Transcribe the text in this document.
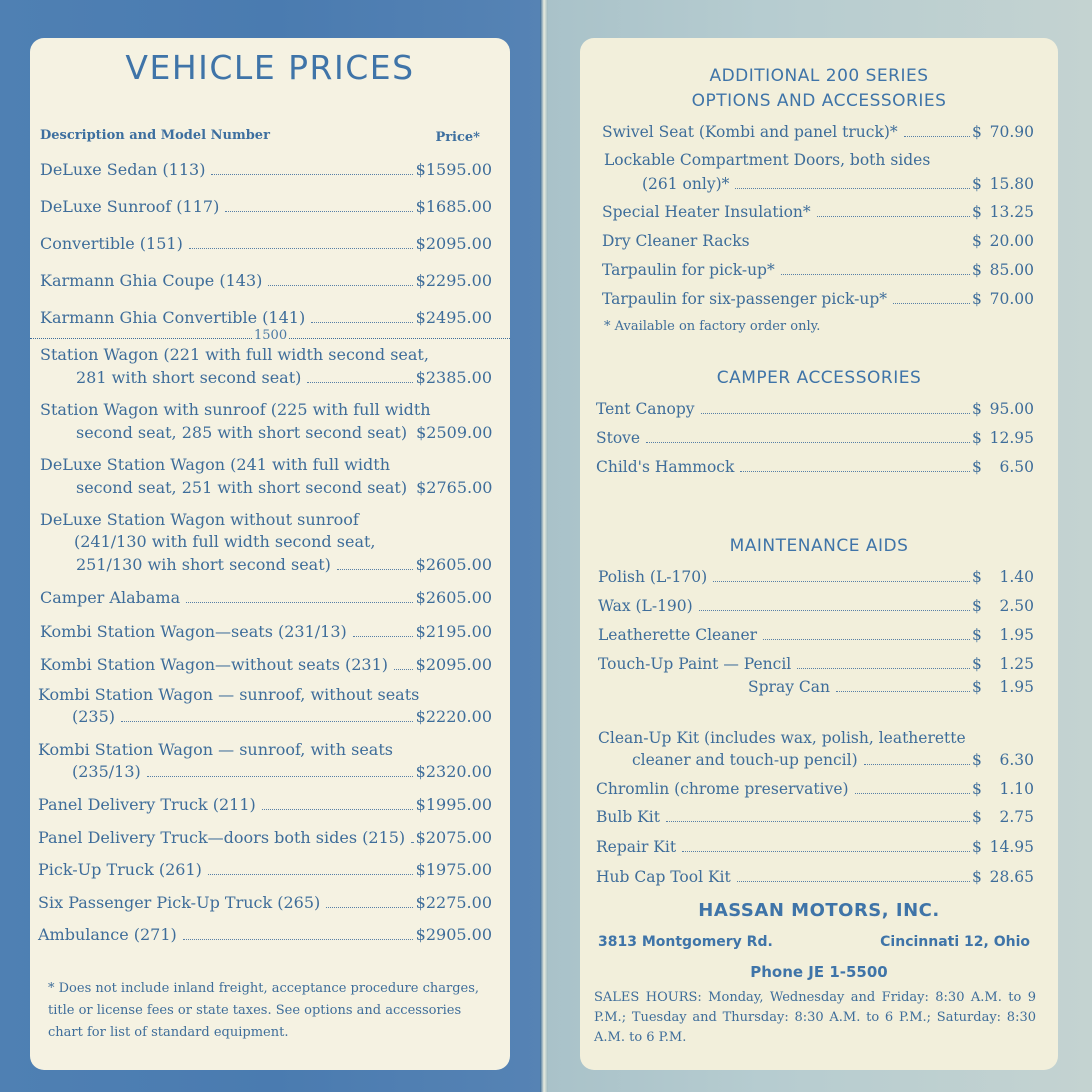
VEHICLE PRICES
Description and Model Number	Price*
DeLuxe Sedan (113)	$1595.00
DeLuxe Sunroof (117)	$1685.00
Convertible (151)	$2095.00
Karmann Ghia Coupe (143)	$2295.00
Karmann Ghia Convertible (141)	$2495.00
1500
Station Wagon (221 with full width second seat,
281 with short second seat)	$2385.00
Station Wagon with sunroof (225 with full width
second seat, 285 with short second seat) $2509.00
DeLuxe Station Wagon (241 with full width
second seat, 251 with short second seat) $2765.00
DeLuxe Station Wagon without sunroof
(241/130 with full width second seat,
251/130 wih short second seat)	$2605.00
Camper Alabama	$2605.00
Kombi Station Wagon—seats (231/13)	$2195.00
Kombi Station Wagon—without seats (231) $2095.00
Kombi Station Wagon — sunroof, without seats
(235)	$2220.00
Kombi Station Wagon — sunroof, with seats
(235/13)	$2320.00
Panel Delivery Truck (211)	$1995.00
Panel Delivery Truck—doors both sides (215) $2075.00
Pick-Up Truck (261)	$1975.00
Six Passenger Pick-Up Truck (265)	$2275.00
Ambulance (271)	$2905.00
* Does not include inland freight, acceptance procedure charges, title or license fees or state taxes. See options and accessories chart for list of standard equipment.
ADDITIONAL 200 SERIES
OPTIONS AND ACCESSORIES
Swivel Seat (Kombi and panel truck)*	$ 70.90
Lockable Compartment Doors, both sides
(261 only)*	$ 15.80
Special Heater Insulation*	$ 13.25
Dry Cleaner Racks	$ 20.00
Tarpaulin for pick-up*	$ 85.00
Tarpaulin for six-passenger pick-up*	$ 70.00
* Available on factory order only.
CAMPER ACCESSORIES
Tent Canopy	$ 95.00
Stove	$ 12.95
Child's Hammock	$ 6.50
MAINTENANCE AIDS
Polish (L-170)	$ 1.40
Wax (L-190)	$ 2.50
Leatherette Cleaner	$ 1.95
Touch-Up Paint — Pencil	$ 1.25
Spray Can	$ 1.95
Clean-Up Kit (includes wax, polish, leatherette
cleaner and touch-up pencil)	$ 6.30
Chromlin (chrome preservative)	$ 1.10
Bulb Kit	$ 2.75
Repair Kit	$ 14.95
Hub Cap Tool Kit	$ 28.65
HASSAN MOTORS, INC.
3813 Montgomery Rd.	Cincinnati 12, Ohio
Phone JE 1-5500
SALES HOURS: Monday, Wednesday and Friday: 8:30 A.M. to 9 P.M.; Tuesday and Thursday: 8:30 A.M. to 6 P.M.; Saturday: 8:30 A.M. to 6 P.M.
